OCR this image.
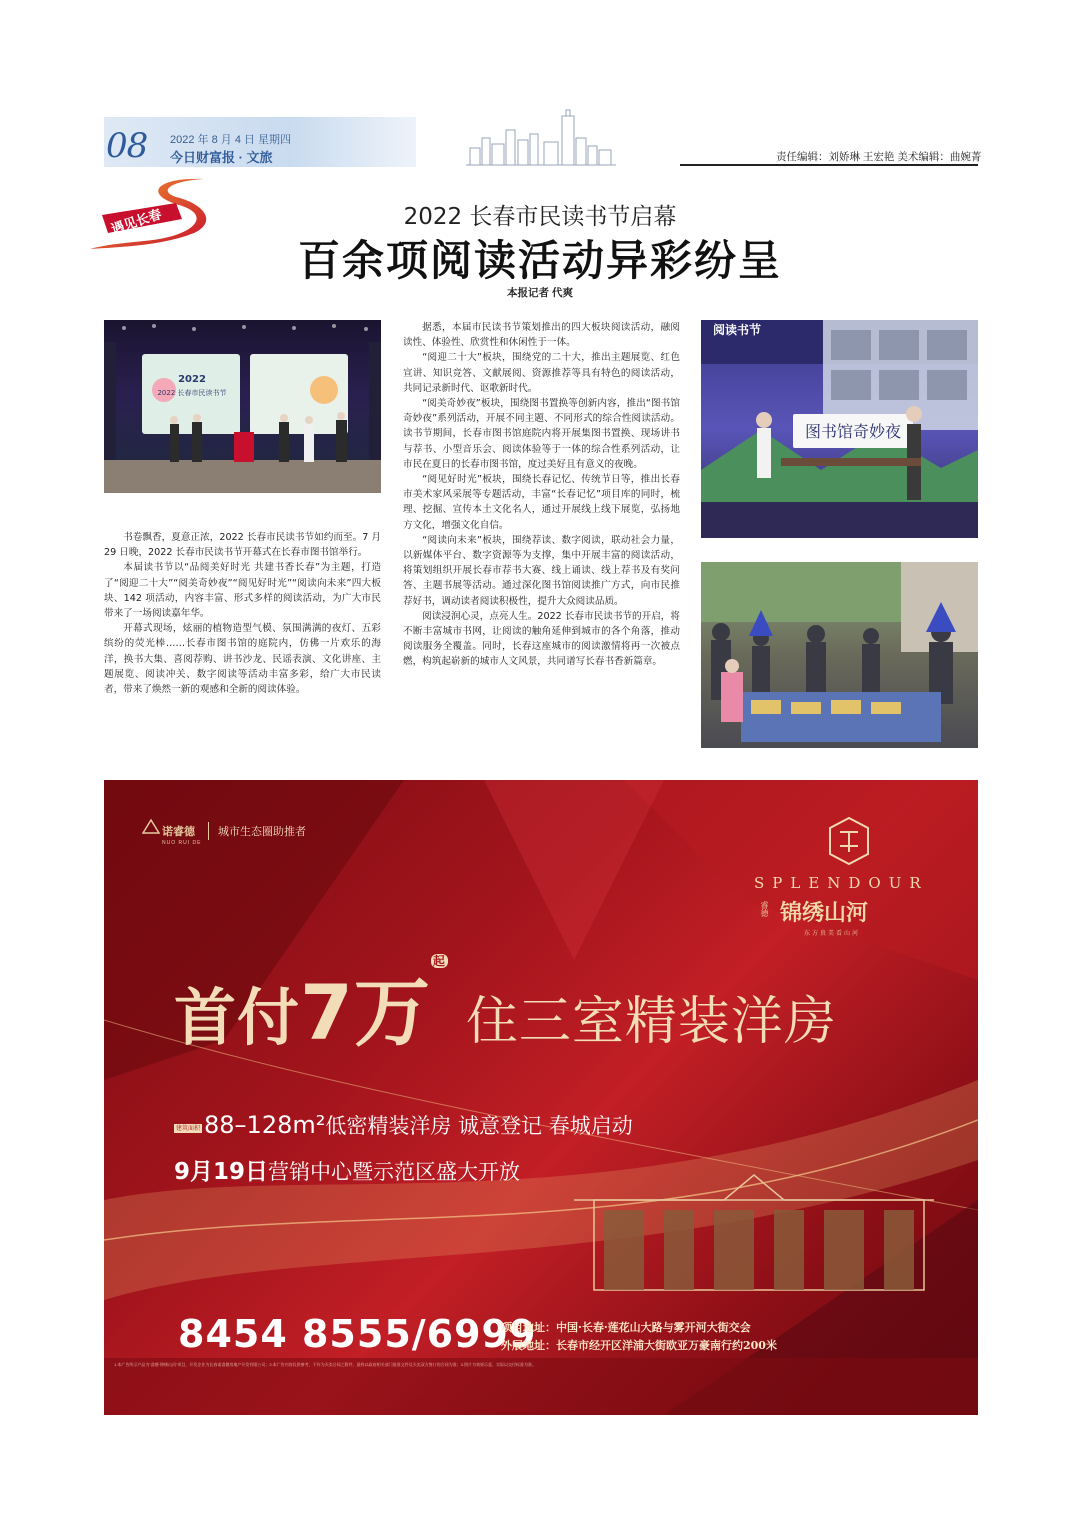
08 2022 年 8 月 4 日 星期四
今日财富报 · 文旅	责任编辑：刘娇琳 王宏艳 美术编辑：曲婉菁
遇见长春	2022 长春市民读书节启幕
百余项阅读活动异彩纷呈
本报记者 代爽
2022
2022 长春市民读书节
阅读书节
图书馆奇妙夜

书卷飘香，夏意正浓，2022 长春市民读书节如约而至。7 月 29 日晚，2022 长春市民读书节开幕式在长春市图书馆举行。

本届读书节以“品阅美好时光 共建书香长春”为主题，打造了“阅迎二十大”“阅美奇妙夜”“阅见好时光”“阅读向未来”四大板块、142 项活动，内容丰富、形式多样的阅读活动，为广大市民带来了一场阅读嘉年华。

开幕式现场，炫丽的植物造型气模、氛围满满的夜灯、五彩缤纷的荧光棒……长春市图书馆的庭院内，仿佛一片欢乐的海洋，换书大集、喜阅荐购、讲书沙龙、民谣表演、文化讲座、主题展览、阅读冲关、数字阅读等活动丰富多彩，给广大市民读者，带来了焕然一新的观感和全新的阅读体验。

据悉，本届市民读书节策划推出的四大板块阅读活动，融阅读性、体验性、欣赏性和休闲性于一体。

“阅迎二十大”板块，围绕党的二十大，推出主题展览、红色宣讲、知识竞答、文献展阅、资源推荐等具有特色的阅读活动，共同记录新时代、讴歌新时代。

“阅美奇妙夜”板块，围绕图书置换等创新内容，推出“图书馆奇妙夜”系列活动，开展不同主题、不同形式的综合性阅读活动。读书节期间，长春市图书馆庭院内将开展集图书置换、现场讲书与荐书、小型音乐会、阅读体验等于一体的综合性系列活动，让市民在夏日的长春市图书馆，度过美好且有意义的夜晚。

“阅见好时光”板块，围绕长春记忆、传统节日等，推出长春市美术家风采展等专题活动，丰富“长春记忆”项目库的同时，梳理、挖掘、宣传本土文化名人，通过开展线上线下展览，弘扬地方文化，增强文化自信。

“阅读向未来”板块，围绕荐读、数字阅读，联动社会力量，以新媒体平台、数字资源等为支撑，集中开展丰富的阅读活动，将策划组织开展长春市荐书大赛、线上诵读、线上荐书及有奖问答、主题书展等活动。通过深化图书馆阅读推广方式，向市民推荐好书，调动读者阅读积极性，提升大众阅读品质。

阅读浸润心灵，点亮人生。2022 长春市民读书节的开启，将不断丰富城市书网，让阅读的触角延伸到城市的各个角落，推动阅读服务全覆盖。同时，长春这座城市的阅读激情将再一次被点燃，构筑起崭新的城市人文风景，共同谱写长春书香新篇章。

诺睿德
NUO RUI DE
城市生态圈助推者
SPLENDOUR
睿德 锦绣山河
东方贵美看山河
首付7万$^起$住三室精装洋房
建筑面积 88–128m²低密精装洋房 诚意登记 春城启动
9月19日营销中心暨示范区盛大开放
8454 8555/6999
项目地址：中国·长春·莲花山大路与雾开河大街交会
外展地址：长春市经开区洋浦大街欧亚万豪南行约200米
1.本广告所示产品为“睿德·锦绣山河”项目，开发企业为长春诺睿德房地产开发有限公司；2.本广告内容仅供参考，不作为买卖合同之附件，最终以政府相关部门批准文件及买卖双方签订的合同为准；3.图片为效果示意，实际以交付标准为准。
